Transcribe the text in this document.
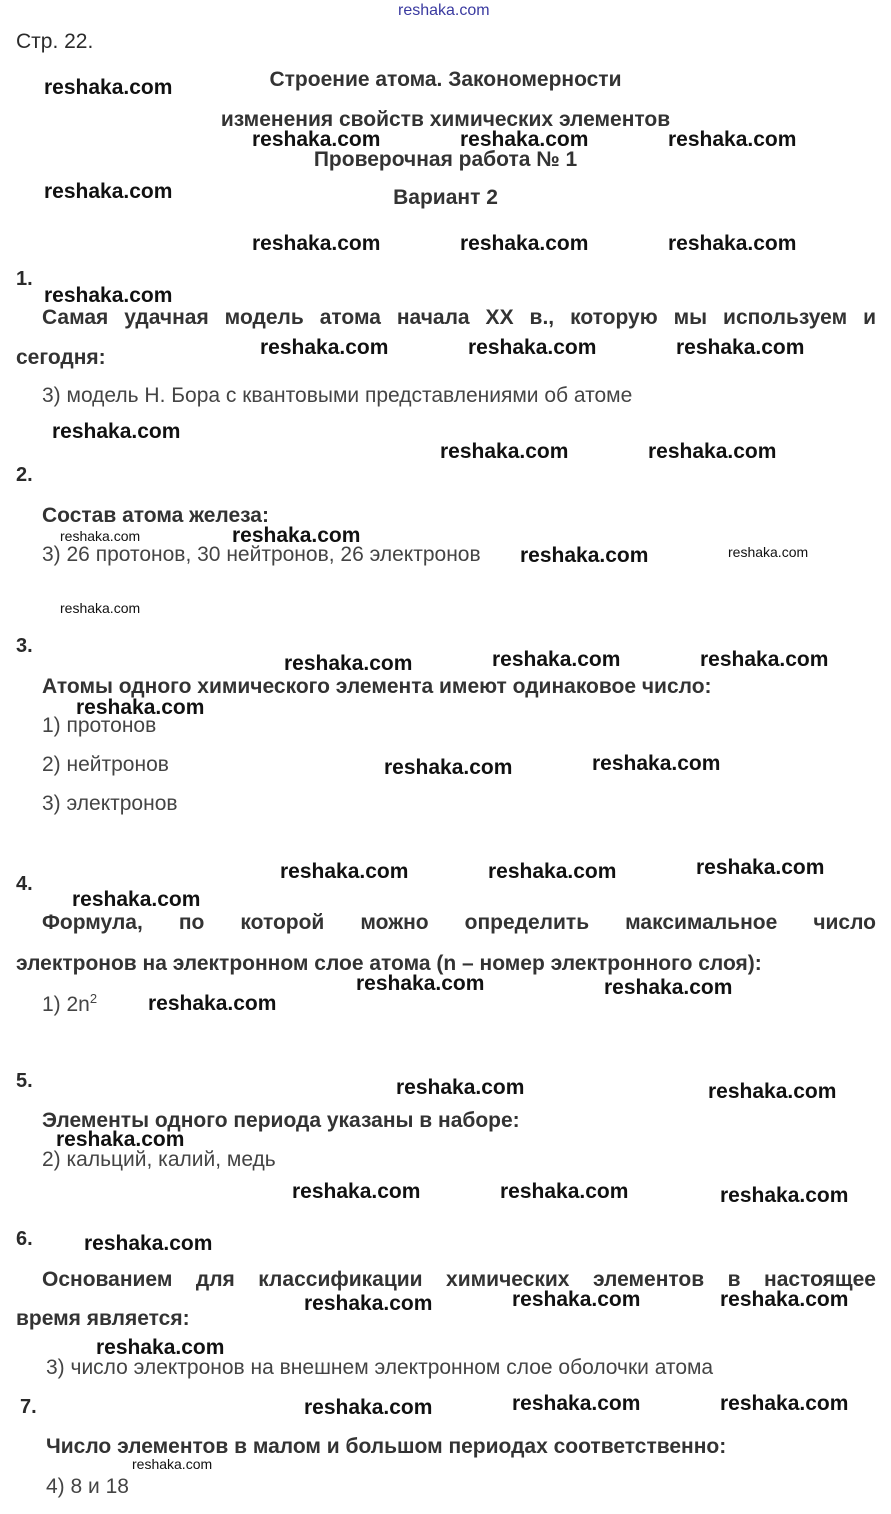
reshaka.com
Стр. 22.
Строение атома. Закономерности
изменения свойств химических элементов
Проверочная работа № 1
Вариант 2
1.
Самая удачная модель атома начала XX в., которую мы используем и
сегодня:
3) модель Н. Бора с квантовыми представлениями об атоме
2.
Состав атома железа:
3) 26 протонов, 30 нейтронов, 26 электронов
3.
Атомы одного химического элемента имеют одинаковое число:
1) протонов
2) нейтронов
3) электронов
4.
Формула, по которой можно определить максимальное число
электронов на электронном слое атома (n – номер электронного слоя):
1) $2n^2$
5.
Элементы одного периода указаны в наборе:
2) кальций, калий, медь
6.
Основанием для классификации химических элементов в настоящее
время является:
3) число электронов на внешнем электронном слое оболочки атома
7.
Число элементов в малом и большом периодах соответственно:
4) 8 и 18
reshaka.com
reshaka.com	reshaka.com	reshaka.com
reshaka.com
reshaka.com	reshaka.com	reshaka.com
reshaka.com
reshaka.com	reshaka.com	reshaka.com
reshaka.com
reshaka.com	reshaka.com
reshaka.com
reshaka.com
reshaka.com	reshaka.com	reshaka.com
reshaka.com
reshaka.com	reshaka.com
reshaka.com	reshaka.com	reshaka.com
reshaka.com
reshaka.com	reshaka.com
reshaka.com
reshaka.com	reshaka.com
reshaka.com
reshaka.com	reshaka.com	reshaka.com
reshaka.com
reshaka.com	reshaka.com	reshaka.com
reshaka.com
reshaka.com	reshaka.com	reshaka.com
reshaka.com
reshaka.com
reshaka.com
reshaka.com
